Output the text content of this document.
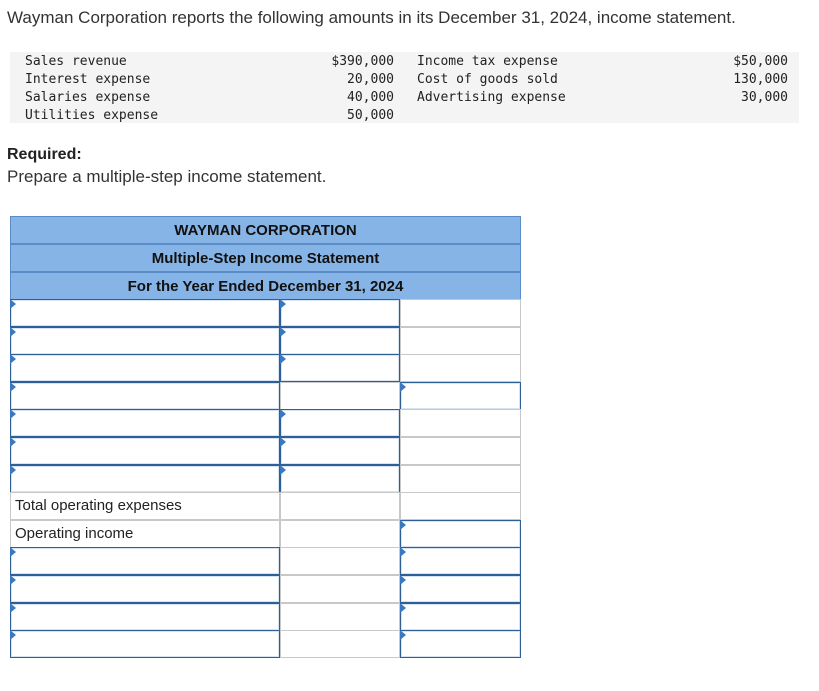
Wayman Corporation reports the following amounts in its December 31, 2024, income statement.
Sales revenue	$390,000
Interest expense	20,000
Salaries expense	40,000
Utilities expense	50,000
Income tax expense	$50,000
Cost of goods sold	130,000
Advertising expense	30,000
Required:
Prepare a multiple-step income statement.
WAYMAN CORPORATION
Multiple-Step Income Statement
For the Year Ended December 31, 2024
Total operating expenses
Operating income
